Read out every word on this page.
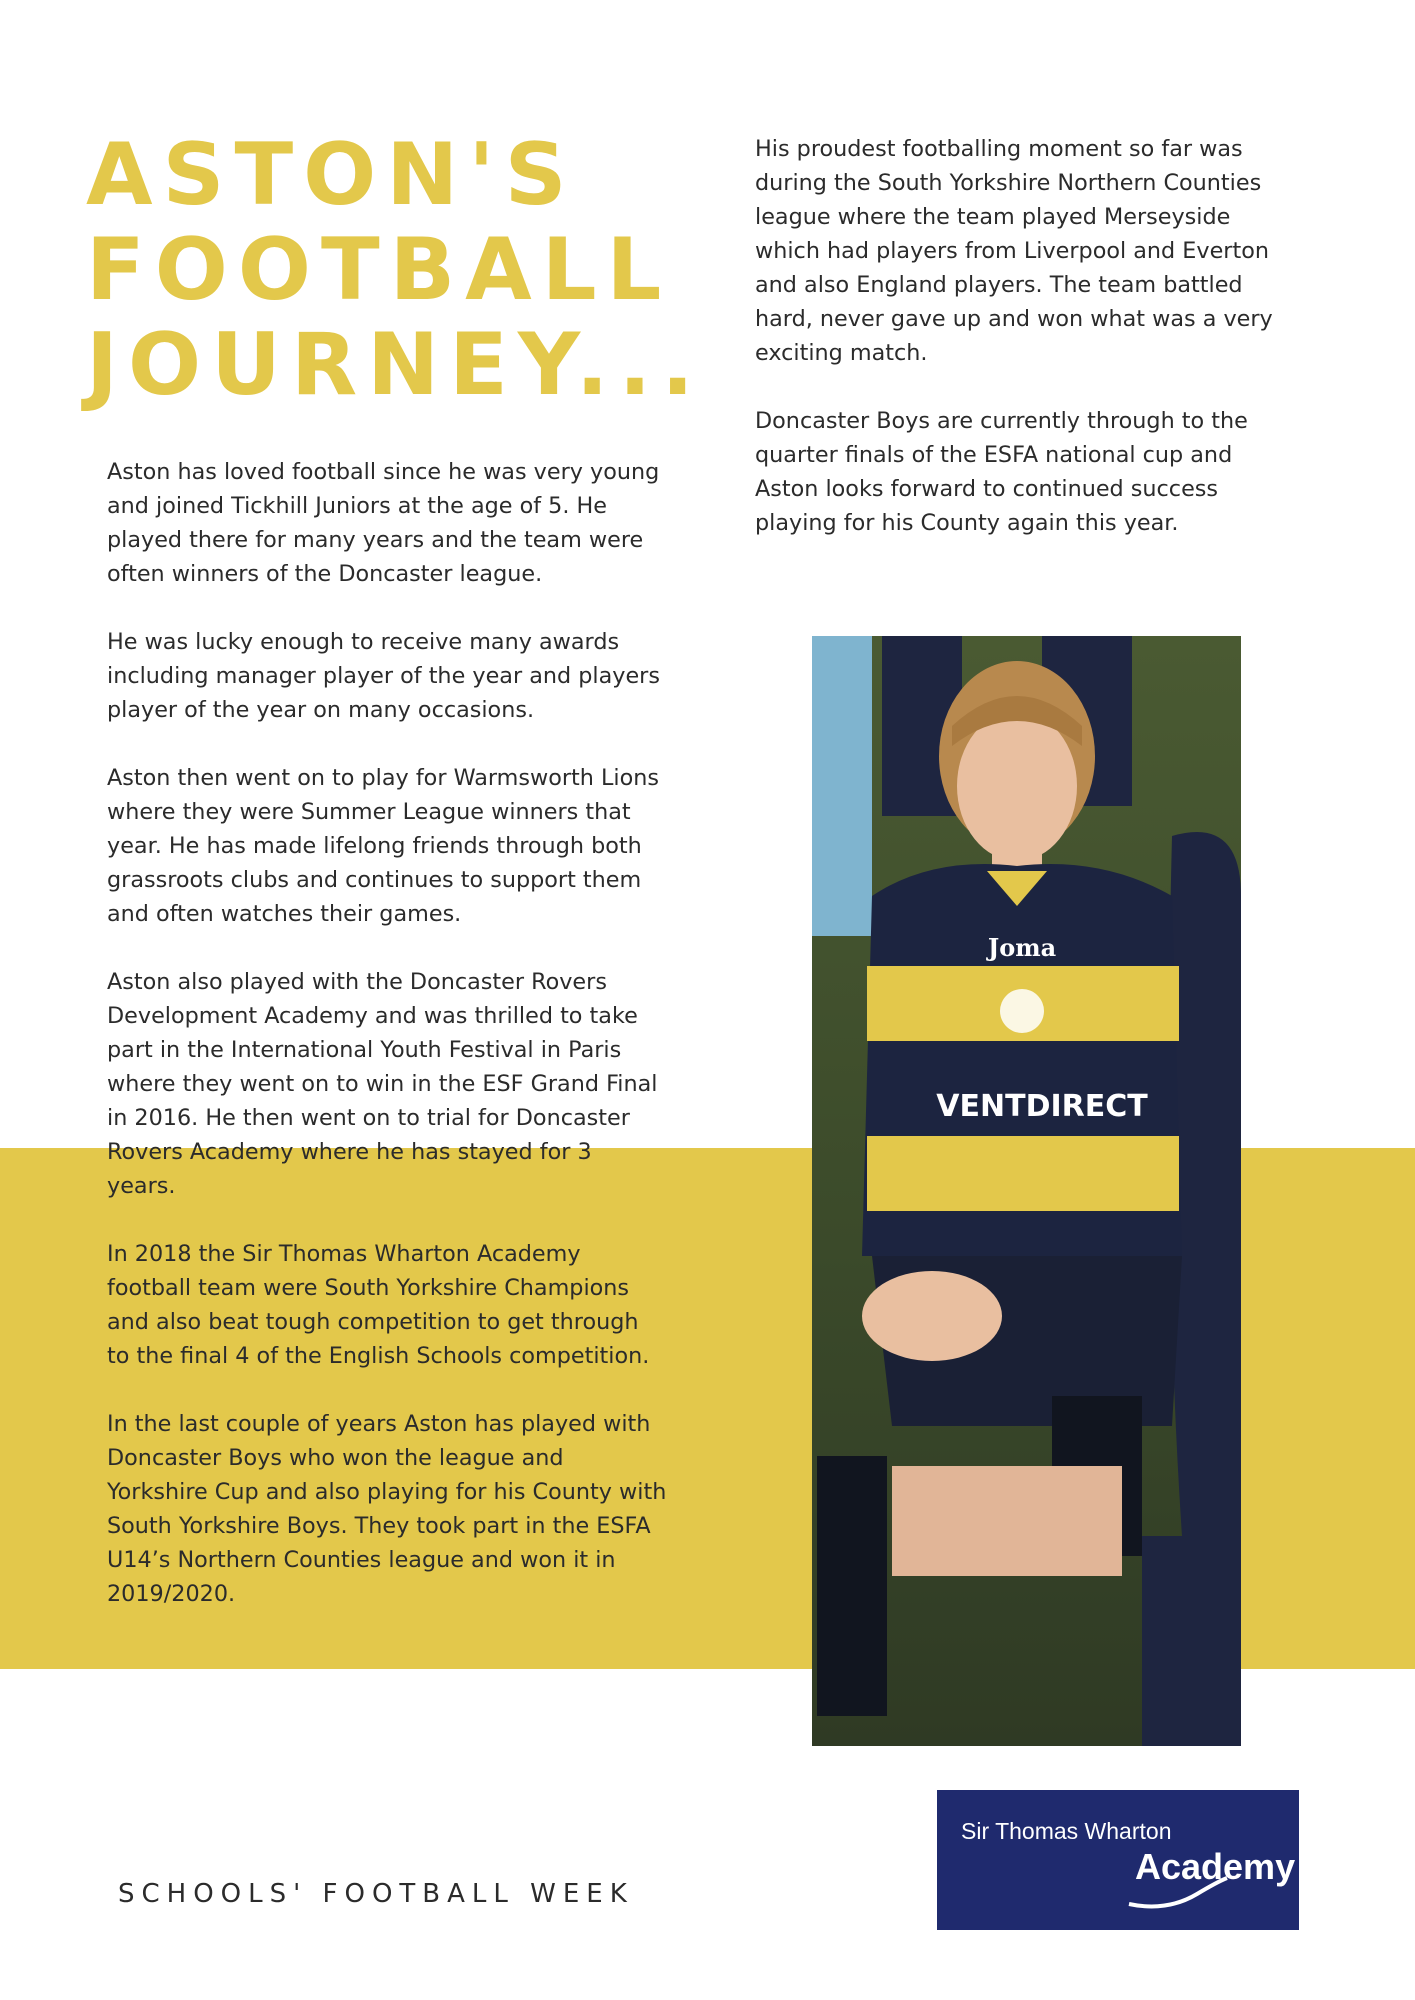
ASTON'S
FOOTBALL
JOURNEY...

Aston has loved football since he was very young and joined Tickhill Juniors at the age of 5. He played there for many years and the team were often winners of the Doncaster league.

He was lucky enough to receive many awards including manager player of the year and players player of the year on many occasions.

Aston then went on to play for Warmsworth Lions where they were Summer League winners that year. He has made lifelong friends through both grassroots clubs and continues to support them and often watches their games.

Aston also played with the Doncaster Rovers Development Academy and was thrilled to take part in the International Youth Festival in Paris where they went on to win in the ESF Grand Final in 2016. He then went on to trial for Doncaster Rovers Academy where he has stayed for 3 years.

In 2018 the Sir Thomas Wharton Academy football team were South Yorkshire Champions and also beat tough competition to get through to the final 4 of the English Schools competition.

In the last couple of years Aston has played with Doncaster Boys who won the league and Yorkshire Cup and also playing for his County with South Yorkshire Boys. They took part in the ESFA U14’s Northern Counties league and won it in 2019/2020.

His proudest footballing moment so far was during the South Yorkshire Northern Counties league where the team played Merseyside which had players from Liverpool and Everton and also England players. The team battled hard, never gave up and won what was a very exciting match.

Doncaster Boys are currently through to the quarter finals of the ESFA national cup and Aston looks forward to continued success playing for his County again this year.

Joma
VENTDIRECT
SCHOOLS' FOOTBALL WEEK
Sir Thomas Wharton
Academy
